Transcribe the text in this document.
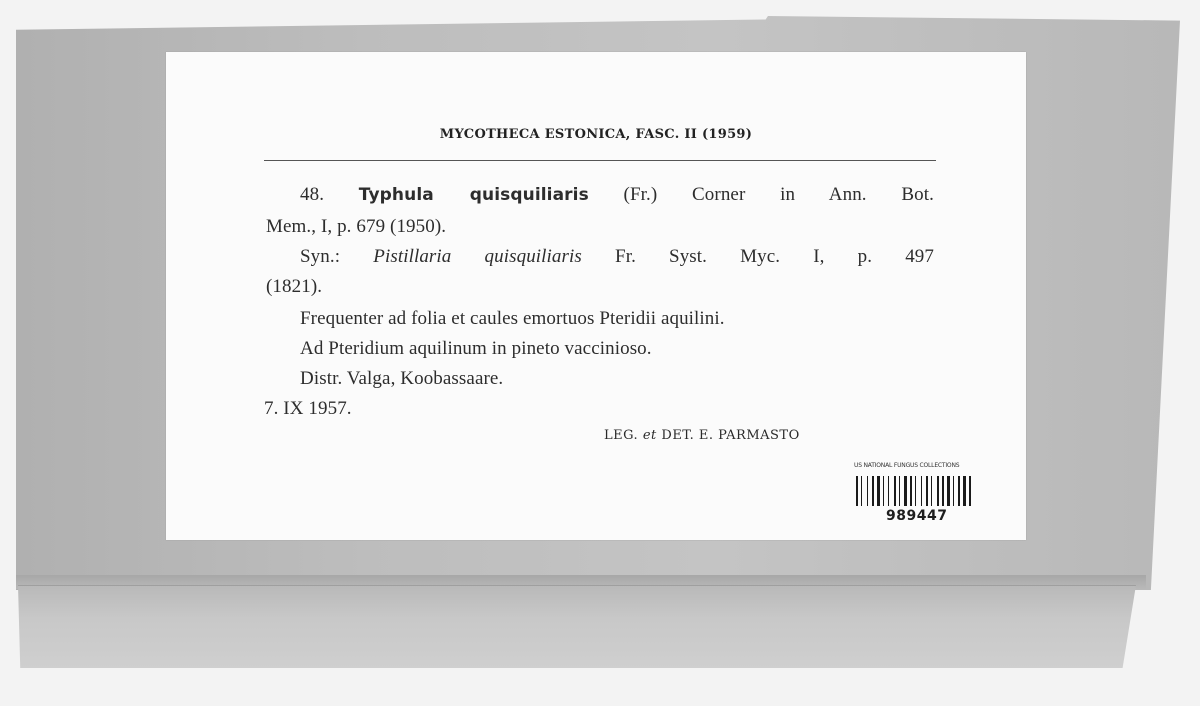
MYCOTHECA ESTONICA, FASC. II (1959)
48. Typhula quisquiliaris (Fr.) Corner in Ann. Bot.
Mem., I, p. 679 (1950).
Syn.: Pistillaria quisquiliaris Fr. Syst. Myc. I, p. 497
(1821).
Frequenter ad folia et caules emortuos Pteridii aquilini.
Ad Pteridium aquilinum in pineto vaccinioso.
Distr. Valga, Koobassaare.
7. IX 1957.
LEG. et DET. E. PARMASTO
US NATIONAL FUNGUS COLLECTIONS
989447
